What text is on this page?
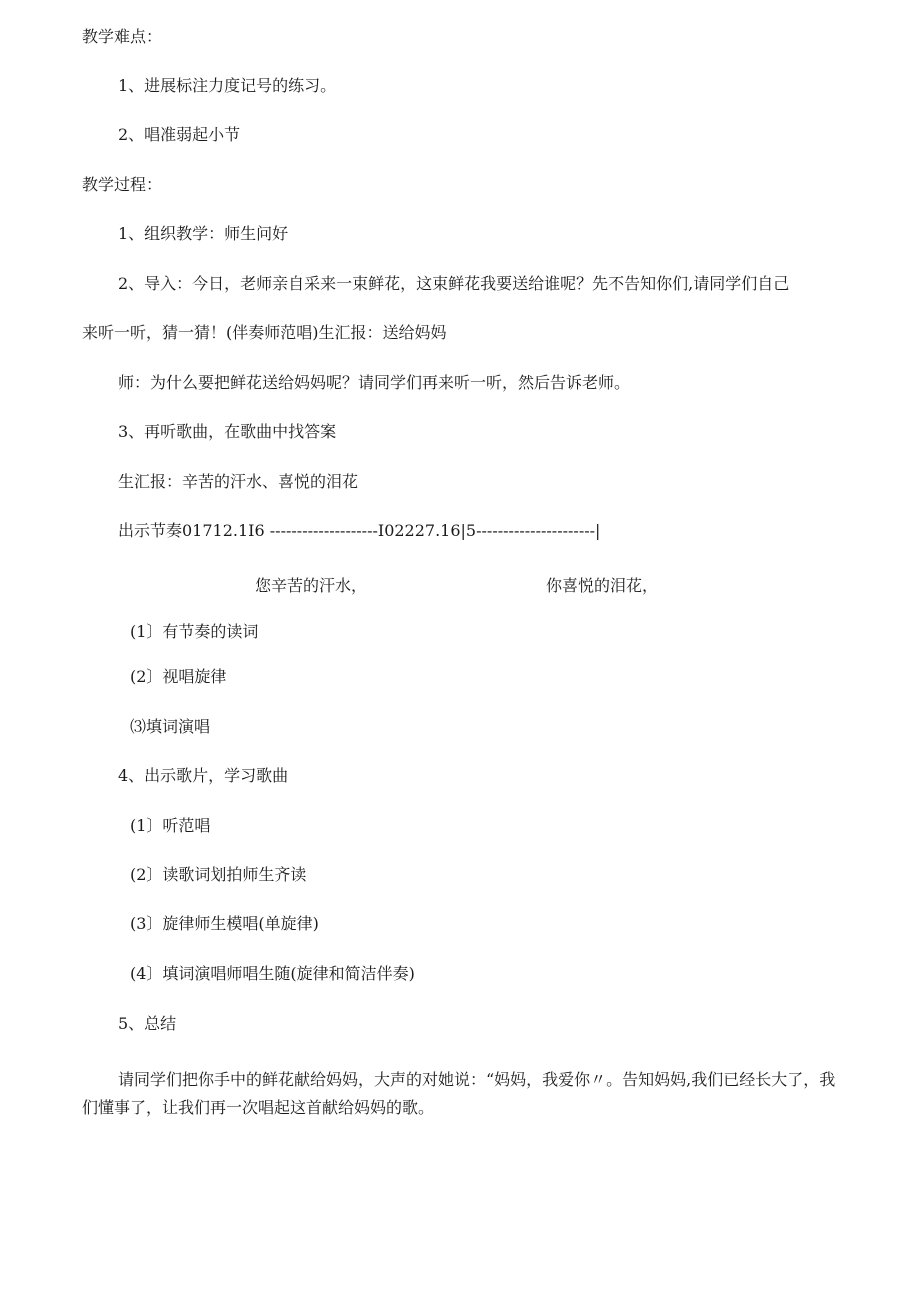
教学难点：
1、进展标注力度记号的练习。
2、唱准弱起小节
教学过程：
1、组织教学：师生问好
2、导入：今日，老师亲自采来一束鲜花，这束鲜花我要送给谁呢？先不告知你们,请同学们自己
来听一听，猜一猜！(伴奏师范唱)生汇报：送给妈妈
师：为什么要把鲜花送给妈妈呢？请同学们再来听一听，然后告诉老师。
3、再听歌曲，在歌曲中找答案
生汇报：辛苦的汗水、喜悦的泪花
出示节奏01712.1I6 --------------------I02227.16|5----------------------|
您辛苦的汗水，	你喜悦的泪花，
(1〕有节奏的读词
(2〕视唱旋律
⑶填词演唱
4、出示歌片，学习歌曲
(1〕听范唱
(2〕读歌词划拍师生齐读
(3〕旋律师生模唱(单旋律)
(4〕填词演唱师唱生随(旋律和简洁伴奏)
5、总结
请同学们把你手中的鲜花献给妈妈，大声的对她说：“妈妈，我爱你〃。告知妈妈,我们已经长大了，我们懂事了，让我们再一次唱起这首献给妈妈的歌。
